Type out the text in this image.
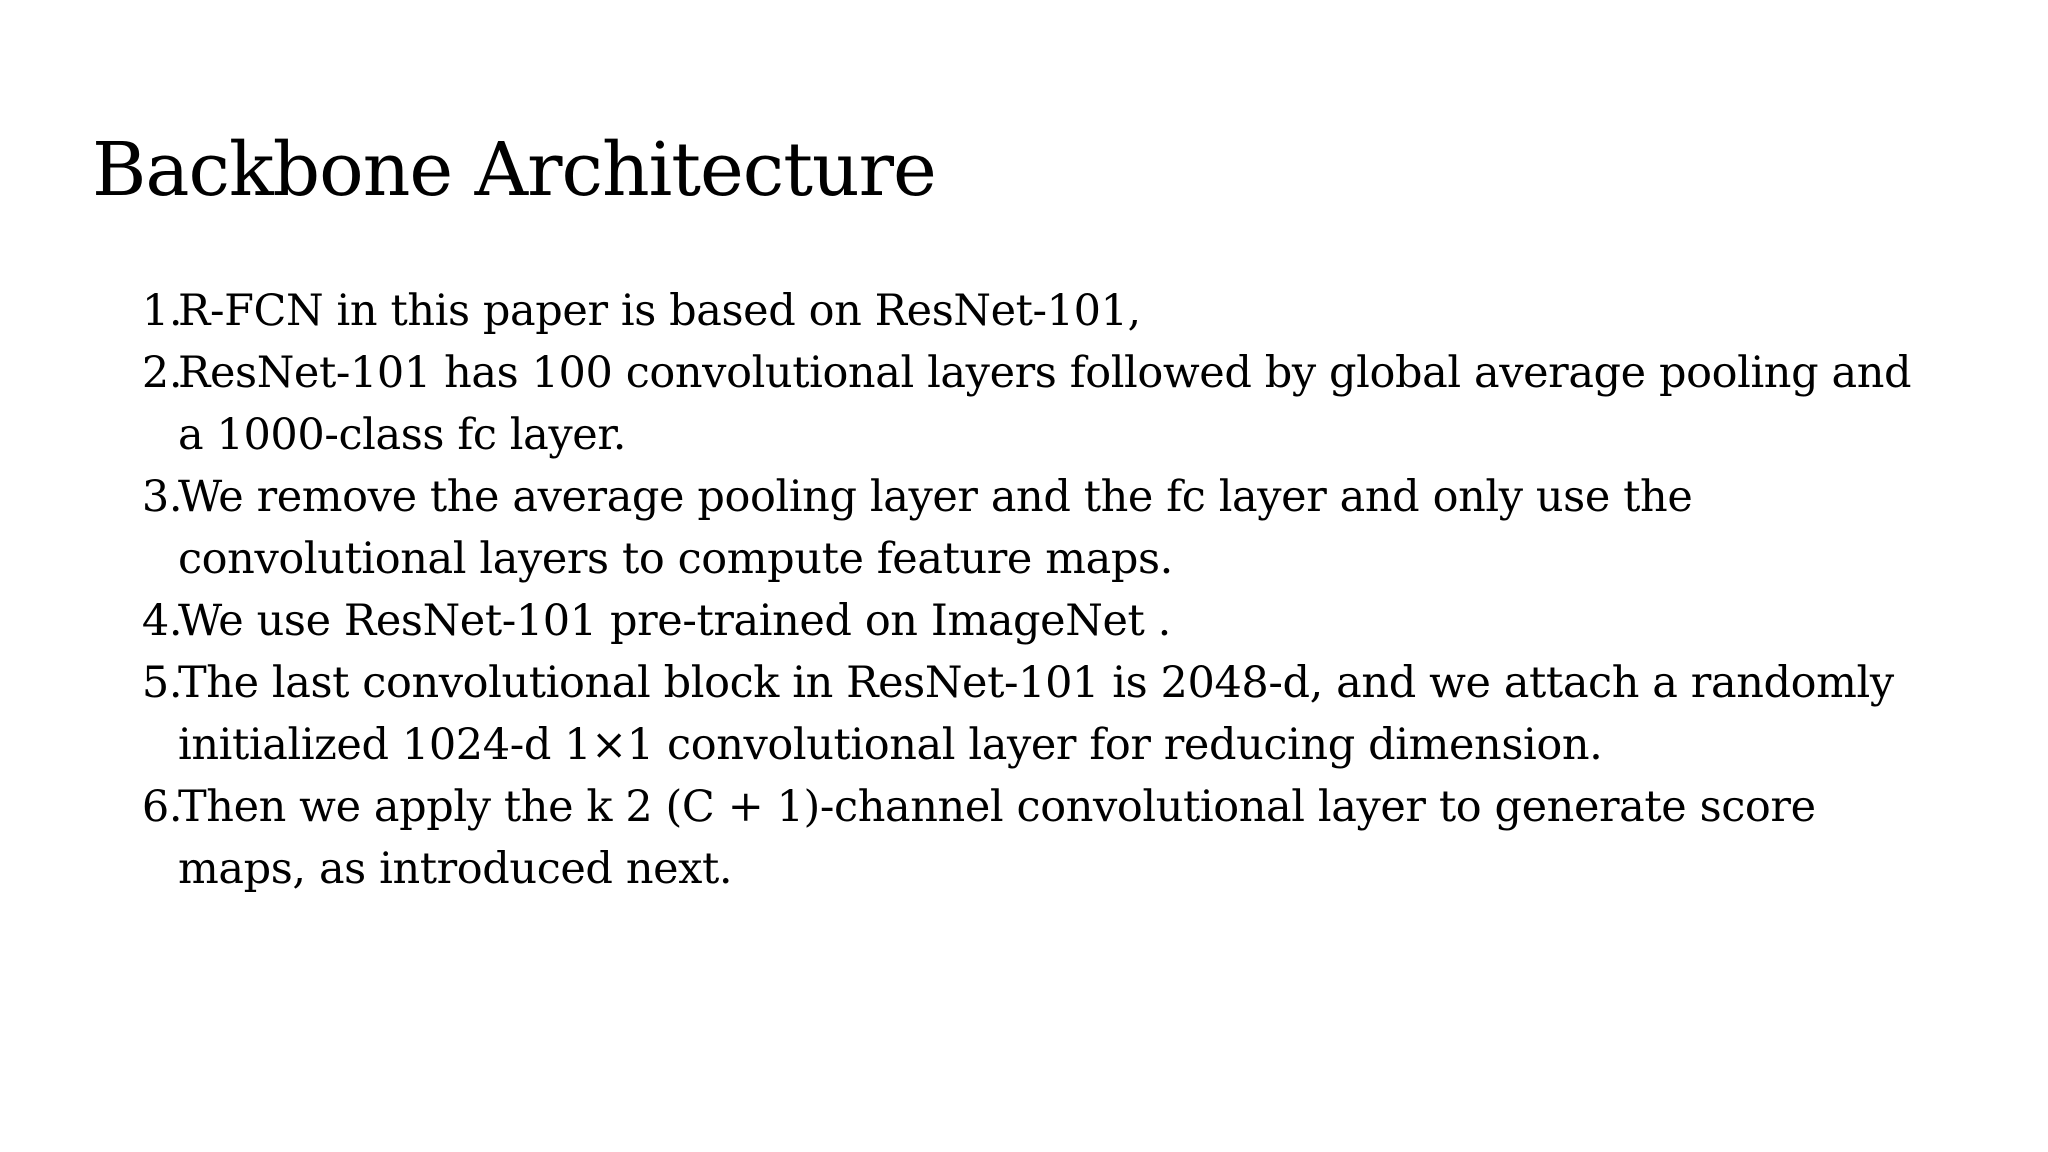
Backbone Architecture
1.
R-FCN in this paper is based on ResNet-101,
2.
ResNet-101 has 100 convolutional layers followed by global average pooling and a 1000-class fc layer.
3.
We remove the average pooling layer and the fc layer and only use the convolutional layers to compute feature maps.
4.
We use ResNet-101 pre-trained on ImageNet .
5.
The last convolutional block in ResNet-101 is 2048-d, and we attach a randomly initialized 1024-d 1×1 convolutional layer for reducing dimension.
6.
Then we apply the k 2 (C + 1)-channel convolutional layer to generate score maps, as introduced next.
